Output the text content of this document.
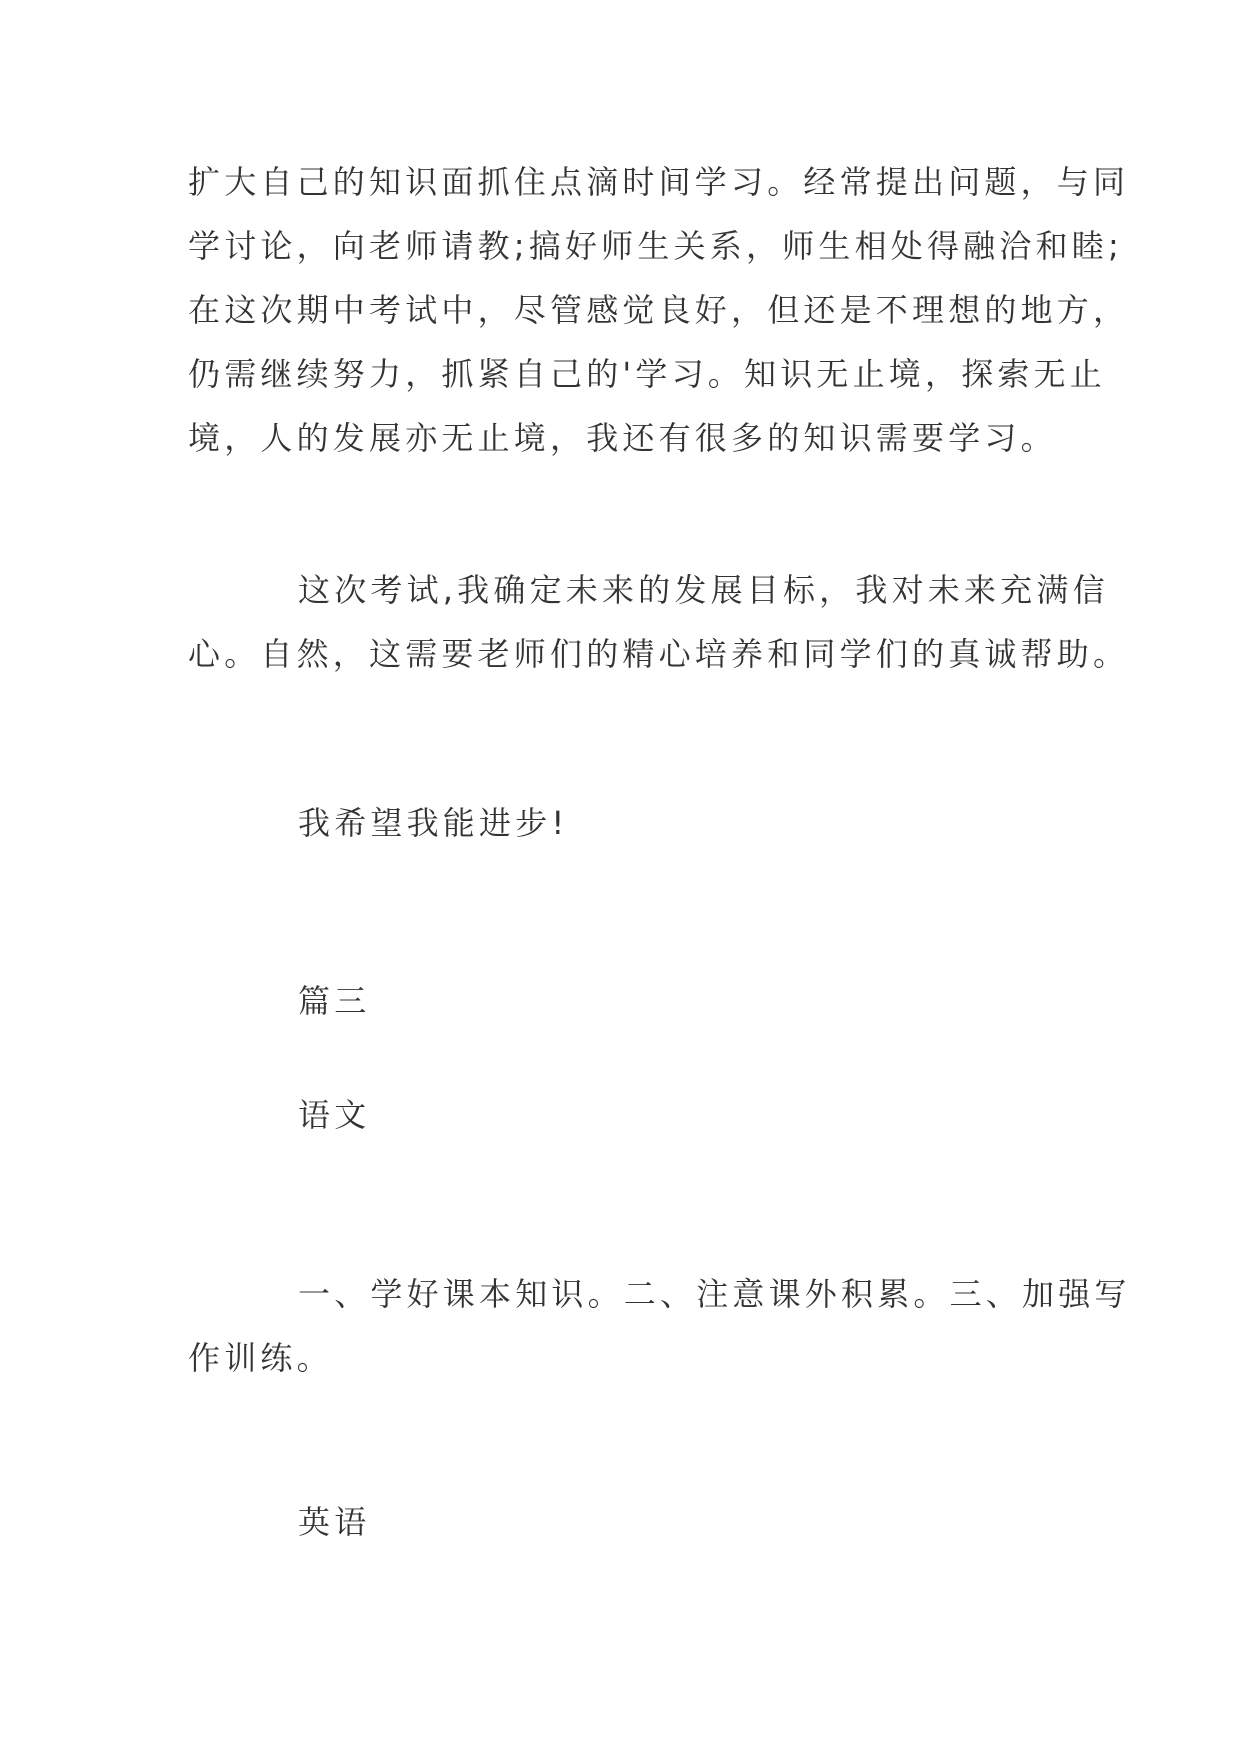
扩大自己的知识面抓住点滴时间学习。经常提出问题，与同
学讨论，向老师请教;搞好师生关系，师生相处得融洽和睦;
在这次期中考试中，尽管感觉良好，但还是不理想的地方，
仍需继续努力，抓紧自己的'学习。知识无止境，探索无止
境，人的发展亦无止境，我还有很多的知识需要学习。
这次考试,我确定未来的发展目标，我对未来充满信
心。自然，这需要老师们的精心培养和同学们的真诚帮助。
我希望我能进步!
篇三
语文
一、学好课本知识。二、注意课外积累。三、加强写
作训练。
英语
